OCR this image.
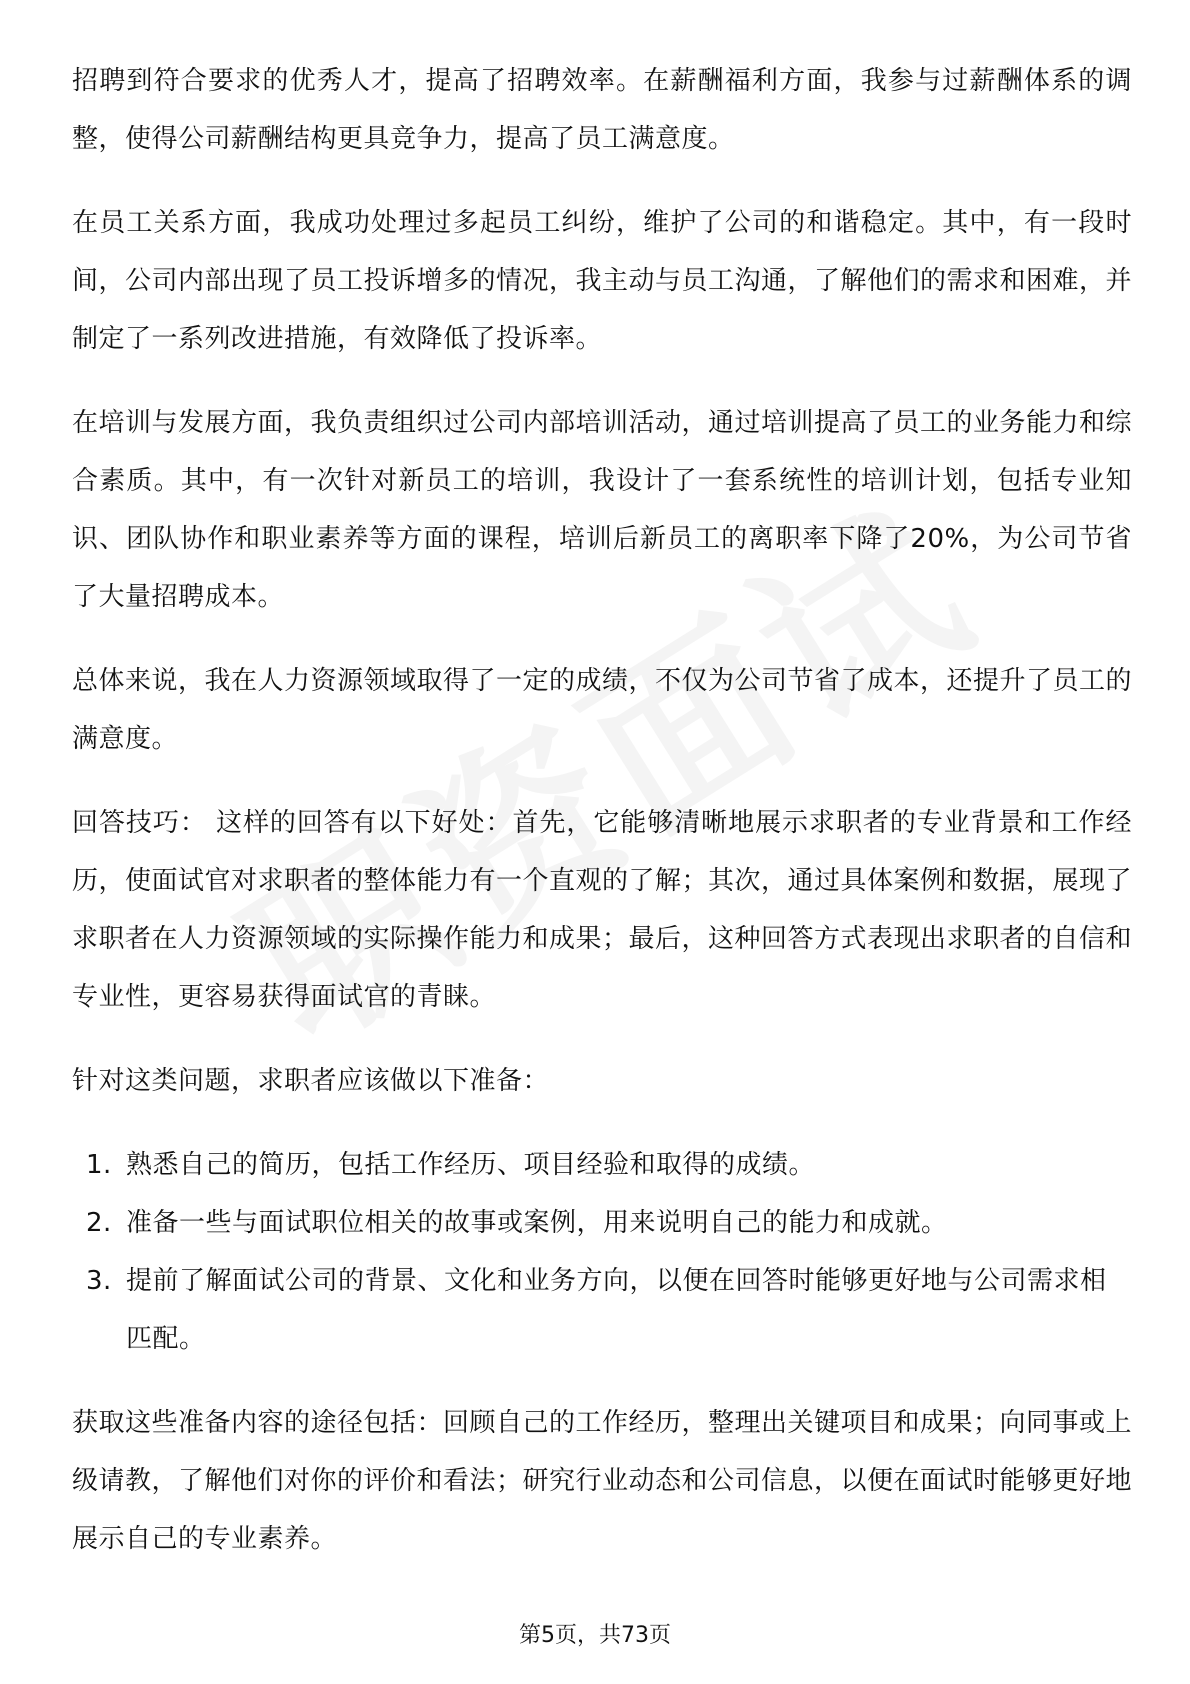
招聘到符合要求的优秀人才，提高了招聘效率。在薪酬福利方面，我参与过薪酬体系的调整，使得公司薪酬结构更具竞争力，提高了员工满意度。

在员工关系方面，我成功处理过多起员工纠纷，维护了公司的和谐稳定。其中，有一段时间，公司内部出现了员工投诉增多的情况，我主动与员工沟通，了解他们的需求和困难，并制定了一系列改进措施，有效降低了投诉率。

在培训与发展方面，我负责组织过公司内部培训活动，通过培训提高了员工的业务能力和综合素质。其中，有一次针对新员工的培训，我设计了一套系统性的培训计划，包括专业知识、团队协作和职业素养等方面的课程，培训后新员工的离职率下降了20%，为公司节省了大量招聘成本。

总体来说，我在人力资源领域取得了一定的成绩，不仅为公司节省了成本，还提升了员工的满意度。

回答技巧： 这样的回答有以下好处：首先，它能够清晰地展示求职者的专业背景和工作经历，使面试官对求职者的整体能力有一个直观的了解；其次，通过具体案例和数据，展现了求职者在人力资源领域的实际操作能力和成果；最后，这种回答方式表现出求职者的自信和专业性，更容易获得面试官的青睐。

针对这类问题，求职者应该做以下准备：

1. 熟悉自己的简历，包括工作经历、项目经验和取得的成绩。
2. 准备一些与面试职位相关的故事或案例，用来说明自己的能力和成就。
3. 提前了解面试公司的背景、文化和业务方向，以便在回答时能够更好地与公司需求相匹配。

获取这些准备内容的途径包括：回顾自己的工作经历，整理出关键项目和成果；向同事或上级请教，了解他们对你的评价和看法；研究行业动态和公司信息，以便在面试时能够更好地展示自己的专业素养。

第5页，共73页
